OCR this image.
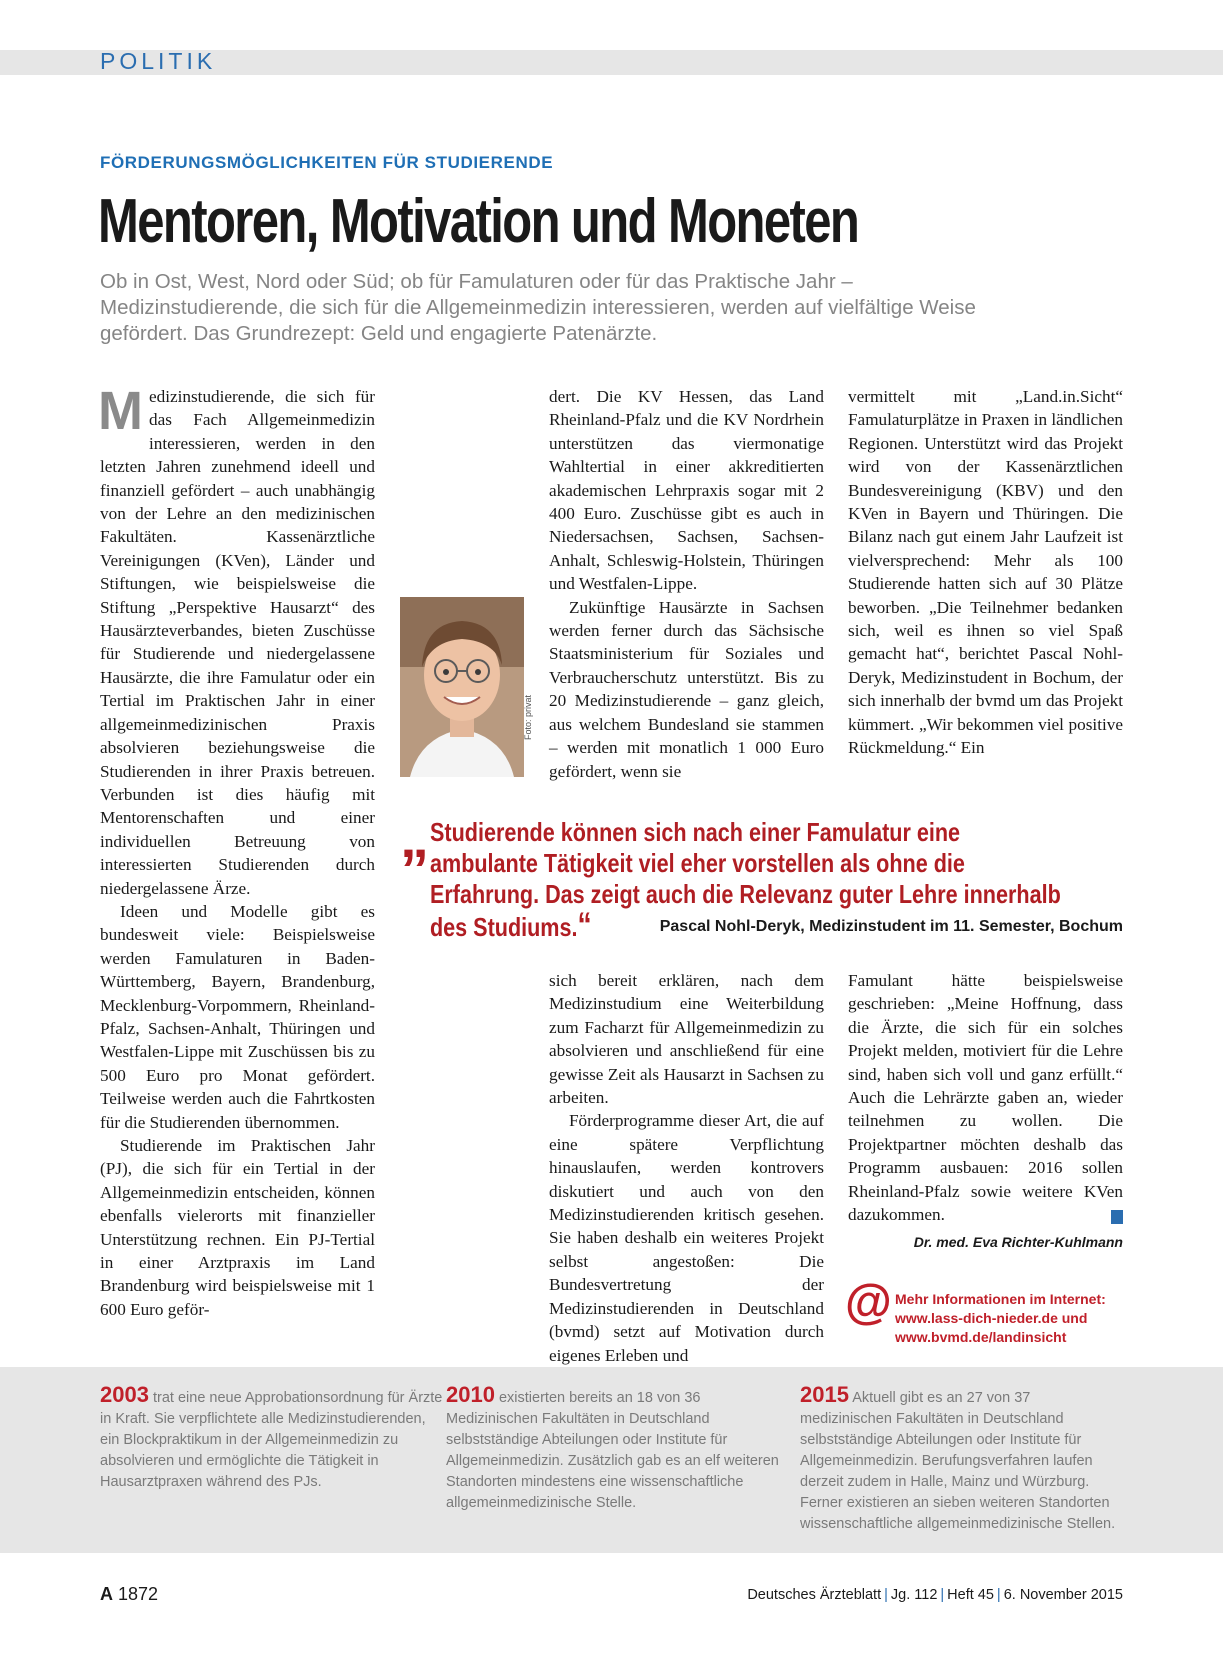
POLITIK
FÖRDERUNGSMÖGLICHKEITEN FÜR STUDIERENDE
Mentoren, Motivation und Moneten
Ob in Ost, West, Nord oder Süd; ob für Famulaturen oder für das Praktische Jahr – Medizinstudierende, die sich für die Allgemeinmedizin interessieren, werden auf vielfältige Weise gefördert. Das Grundrezept: Geld und engagierte Patenärzte.

Medizinstudierende, die sich für das Fach Allgemeinmedizin interessieren, werden in den letzten Jahren zunehmend ideell und finanziell gefördert – auch unabhängig von der Lehre an den medizinischen Fakultäten. Kassenärztliche Vereinigungen (KVen), Länder und Stiftungen, wie beispielsweise die Stiftung „Perspektive Hausarzt“ des Hausärzteverbandes, bieten Zuschüsse für Studierende und niedergelassene Hausärzte, die ihre Famulatur oder ein Tertial im Praktischen Jahr in einer allgemeinmedizinischen Praxis absolvieren beziehungsweise die Studierenden in ihrer Praxis betreuen. Verbunden ist dies häufig mit Mentorenschaften und einer individuellen Betreuung von interessierten Studierenden durch niedergelassene Ärze.

Ideen und Modelle gibt es bundesweit viele: Beispielsweise werden Famulaturen in Baden-Württemberg, Bayern, Brandenburg, Mecklenburg-Vorpommern, Rheinland-Pfalz, Sachsen-Anhalt, Thüringen und Westfalen-Lippe mit Zuschüssen bis zu 500 Euro pro Monat gefördert. Teilweise werden auch die Fahrtkosten für die Studierenden übernommen.

Studierende im Praktischen Jahr (PJ), die sich für ein Tertial in der Allgemeinmedizin entscheiden, können ebenfalls vielerorts mit finanzieller Unterstützung rechnen. Ein PJ-Tertial in einer Arztpraxis im Land Brandenburg wird beispielsweise mit 1 600 Euro geför-

Foto: privat

dert. Die KV Hessen, das Land Rheinland-Pfalz und die KV Nordrhein unterstützen das viermonatige Wahltertial in einer akkreditierten akademischen Lehrpraxis sogar mit 2 400 Euro. Zuschüsse gibt es auch in Niedersachsen, Sachsen, Sachsen-Anhalt, Schleswig-Holstein, Thüringen und Westfalen-Lippe.

Zukünftige Hausärzte in Sachsen werden ferner durch das Sächsische Staatsministerium für Soziales und Verbraucherschutz unterstützt. Bis zu 20 Medizinstudierende – ganz gleich, aus welchem Bundesland sie stammen – werden mit monatlich 1 000 Euro gefördert, wenn sie

vermittelt mit „Land.in.Sicht“ Famulaturplätze in Praxen in ländlichen Regionen. Unterstützt wird das Projekt wird von der Kassenärztlichen Bundesvereinigung (KBV) und den KVen in Bayern und Thüringen. Die Bilanz nach gut einem Jahr Laufzeit ist vielversprechend: Mehr als 100 Studierende hatten sich auf 30 Plätze beworben. „Die Teilnehmer bedanken sich, weil es ihnen so viel Spaß gemacht hat“, berichtet Pascal Nohl-Deryk, Medizinstudent in Bochum, der sich innerhalb der bvmd um das Projekt kümmert. „Wir bekommen viel positive Rückmeldung.“ Ein

„ Studierende können sich nach einer Famulatur eine ambulante Tätigkeit viel eher vorstellen als ohne die Erfahrung. Das zeigt auch die Relevanz guter Lehre innerhalb des Studiums.“	Pascal Nohl-Deryk, Medizinstudent im 11. Semester, Bochum

sich bereit erklären, nach dem Medizinstudium eine Weiterbildung zum Facharzt für Allgemeinmedizin zu absolvieren und anschließend für eine gewisse Zeit als Hausarzt in Sachsen zu arbeiten.

Förderprogramme dieser Art, die auf eine spätere Verpflichtung hinauslaufen, werden kontrovers diskutiert und auch von den Medizinstudierenden kritisch gesehen. Sie haben deshalb ein weiteres Projekt selbst angestoßen: Die Bundesvertretung der Medizinstudierenden in Deutschland (bvmd) setzt auf Motivation durch eigenes Erleben und

Famulant hätte beispielsweise geschrieben: „Meine Hoffnung, dass die Ärzte, die sich für ein solches Projekt melden, motiviert für die Lehre sind, haben sich voll und ganz erfüllt.“ Auch die Lehrärzte gaben an, wieder teilnehmen zu wollen. Die Projektpartner möchten deshalb das Programm ausbauen: 2016 sollen Rheinland-Pfalz sowie weitere KVen dazukommen.

Dr. med. Eva Richter-Kuhlmann
@ Mehr Informationen im Internet:
www.lass-dich-nieder.de und
www.bvmd.de/landinsicht
2003 trat eine neue Approbationsordnung für Ärzte in Kraft. Sie verpflichtete alle Medizinstudierenden, ein Blockpraktikum in der Allgemeinmedizin zu absolvieren und ermöglichte die Tätigkeit in Hausarztpraxen während des PJs.
2010 existierten bereits an 18 von 36 Medizinischen Fakultäten in Deutschland selbstständige Abteilungen oder Institute für Allgemeinmedizin. Zusätzlich gab es an elf weiteren Standorten mindestens eine wissenschaftliche allgemeinmedizinische Stelle.
2015 Aktuell gibt es an 27 von 37 medizinischen Fakultäten in Deutschland selbstständige Abteilungen oder Institute für Allgemeinmedizin. Berufungsverfahren laufen derzeit zudem in Halle, Mainz und Würzburg. Ferner existieren an sieben weiteren Standorten wissenschaftliche allgemeinmedizinische Stellen.
A 1872	Deutsches Ärzteblatt | Jg. 112 | Heft 45 | 6. November 2015
